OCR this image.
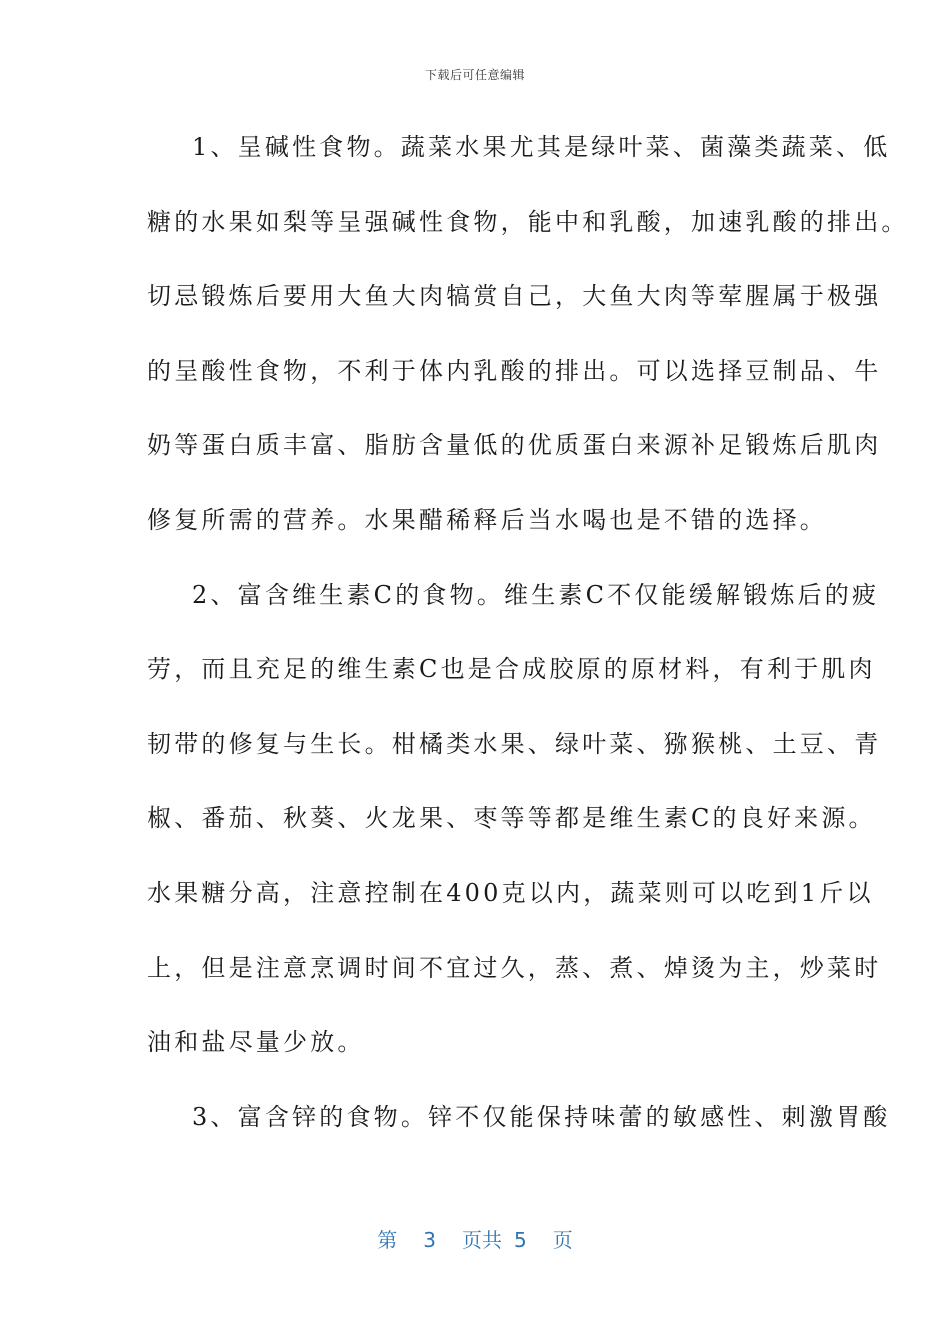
下载后可任意编辑
1、呈碱性食物。蔬菜水果尤其是绿叶菜、菌藻类蔬菜、低
糖的水果如梨等呈强碱性食物，能中和乳酸，加速乳酸的排出。
切忌锻炼后要用大鱼大肉犒赏自己，大鱼大肉等荤腥属于极强
的呈酸性食物，不利于体内乳酸的排出。可以选择豆制品、牛
奶等蛋白质丰富、脂肪含量低的优质蛋白来源补足锻炼后肌肉
修复所需的营养。水果醋稀释后当水喝也是不错的选择。
2、富含维生素C的食物。维生素C不仅能缓解锻炼后的疲
劳，而且充足的维生素C也是合成胶原的原材料，有利于肌肉
韧带的修复与生长。柑橘类水果、绿叶菜、猕猴桃、土豆、青
椒、番茄、秋葵、火龙果、枣等等都是维生素C的良好来源。
水果糖分高，注意控制在400克以内，蔬菜则可以吃到1斤以
上，但是注意烹调时间不宜过久，蒸、煮、焯烫为主，炒菜时
油和盐尽量少放。
3、富含锌的食物。锌不仅能保持味蕾的敏感性、刺激胃酸
第 3 页共 5 页
